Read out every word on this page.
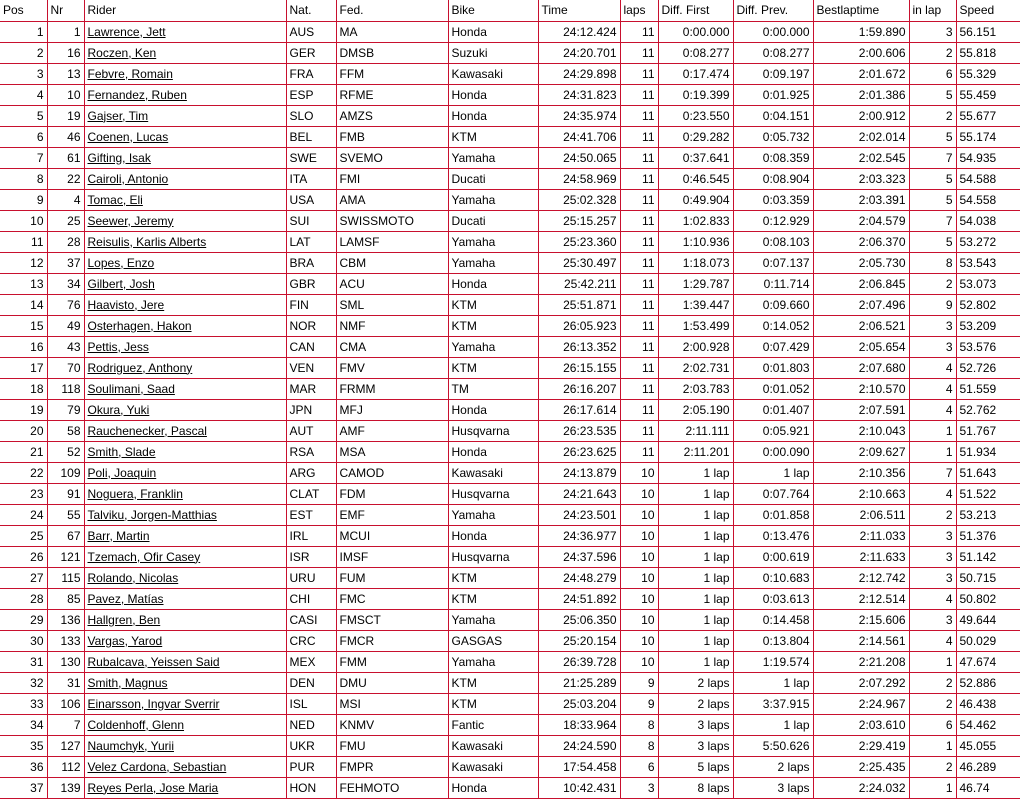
Pos	Nr	Rider	Nat.	Fed.	Bike	Time	laps	Diff. First	Diff. Prev.	Bestlaptime	in lap	Speed
1	1	Lawrence, Jett	AUS	MA	Honda	24:12.424	11	0:00.000	0:00.000	1:59.890	3	56.151
2	16	Roczen, Ken	GER	DMSB	Suzuki	24:20.701	11	0:08.277	0:08.277	2:00.606	2	55.818
3	13	Febvre, Romain	FRA	FFM	Kawasaki	24:29.898	11	0:17.474	0:09.197	2:01.672	6	55.329
4	10	Fernandez, Ruben	ESP	RFME	Honda	24:31.823	11	0:19.399	0:01.925	2:01.386	5	55.459
5	19	Gajser, Tim	SLO	AMZS	Honda	24:35.974	11	0:23.550	0:04.151	2:00.912	2	55.677
6	46	Coenen, Lucas	BEL	FMB	KTM	24:41.706	11	0:29.282	0:05.732	2:02.014	5	55.174
7	61	Gifting, Isak	SWE	SVEMO	Yamaha	24:50.065	11	0:37.641	0:08.359	2:02.545	7	54.935
8	22	Cairoli, Antonio	ITA	FMI	Ducati	24:58.969	11	0:46.545	0:08.904	2:03.323	5	54.588
9	4	Tomac, Eli	USA	AMA	Yamaha	25:02.328	11	0:49.904	0:03.359	2:03.391	5	54.558
10	25	Seewer, Jeremy	SUI	SWISSMOTO	Ducati	25:15.257	11	1:02.833	0:12.929	2:04.579	7	54.038
11	28	Reisulis, Karlis Alberts	LAT	LAMSF	Yamaha	25:23.360	11	1:10.936	0:08.103	2:06.370	5	53.272
12	37	Lopes, Enzo	BRA	CBM	Yamaha	25:30.497	11	1:18.073	0:07.137	2:05.730	8	53.543
13	34	Gilbert, Josh	GBR	ACU	Honda	25:42.211	11	1:29.787	0:11.714	2:06.845	2	53.073
14	76	Haavisto, Jere	FIN	SML	KTM	25:51.871	11	1:39.447	0:09.660	2:07.496	9	52.802
15	49	Osterhagen, Hakon	NOR	NMF	KTM	26:05.923	11	1:53.499	0:14.052	2:06.521	3	53.209
16	43	Pettis, Jess	CAN	CMA	Yamaha	26:13.352	11	2:00.928	0:07.429	2:05.654	3	53.576
17	70	Rodriguez, Anthony	VEN	FMV	KTM	26:15.155	11	2:02.731	0:01.803	2:07.680	4	52.726
18	118	Soulimani, Saad	MAR	FRMM	TM	26:16.207	11	2:03.783	0:01.052	2:10.570	4	51.559
19	79	Okura, Yuki	JPN	MFJ	Honda	26:17.614	11	2:05.190	0:01.407	2:07.591	4	52.762
20	58	Rauchenecker, Pascal	AUT	AMF	Husqvarna	26:23.535	11	2:11.111	0:05.921	2:10.043	1	51.767
21	52	Smith, Slade	RSA	MSA	Honda	26:23.625	11	2:11.201	0:00.090	2:09.627	1	51.934
22	109	Poli, Joaquin	ARG	CAMOD	Kawasaki	24:13.879	10	1 lap	1 lap	2:10.356	7	51.643
23	91	Noguera, Franklin	CLAT	FDM	Husqvarna	24:21.643	10	1 lap	0:07.764	2:10.663	4	51.522
24	55	Talviku, Jorgen-Matthias	EST	EMF	Yamaha	24:23.501	10	1 lap	0:01.858	2:06.511	2	53.213
25	67	Barr, Martin	IRL	MCUI	Honda	24:36.977	10	1 lap	0:13.476	2:11.033	3	51.376
26	121	Tzemach, Ofir Casey	ISR	IMSF	Husqvarna	24:37.596	10	1 lap	0:00.619	2:11.633	3	51.142
27	115	Rolando, Nicolas	URU	FUM	KTM	24:48.279	10	1 lap	0:10.683	2:12.742	3	50.715
28	85	Pavez, Matías	CHI	FMC	KTM	24:51.892	10	1 lap	0:03.613	2:12.514	4	50.802
29	136	Hallgren, Ben	CASI	FMSCT	Yamaha	25:06.350	10	1 lap	0:14.458	2:15.606	3	49.644
30	133	Vargas, Yarod	CRC	FMCR	GASGAS	25:20.154	10	1 lap	0:13.804	2:14.561	4	50.029
31	130	Rubalcava, Yeissen Said	MEX	FMM	Yamaha	26:39.728	10	1 lap	1:19.574	2:21.208	1	47.674
32	31	Smith, Magnus	DEN	DMU	KTM	21:25.289	9	2 laps	1 lap	2:07.292	2	52.886
33	106	Einarsson, Ingvar Sverrir	ISL	MSI	KTM	25:03.204	9	2 laps	3:37.915	2:24.967	2	46.438
34	7	Coldenhoff, Glenn	NED	KNMV	Fantic	18:33.964	8	3 laps	1 lap	2:03.610	6	54.462
35	127	Naumchyk, Yurii	UKR	FMU	Kawasaki	24:24.590	8	3 laps	5:50.626	2:29.419	1	45.055
36	112	Velez Cardona, Sebastian	PUR	FMPR	Kawasaki	17:54.458	6	5 laps	2 laps	2:25.435	2	46.289
37	139	Reyes Perla, Jose Maria	HON	FEHMOTO	Honda	10:42.431	3	8 laps	3 laps	2:24.032	1	46.74
